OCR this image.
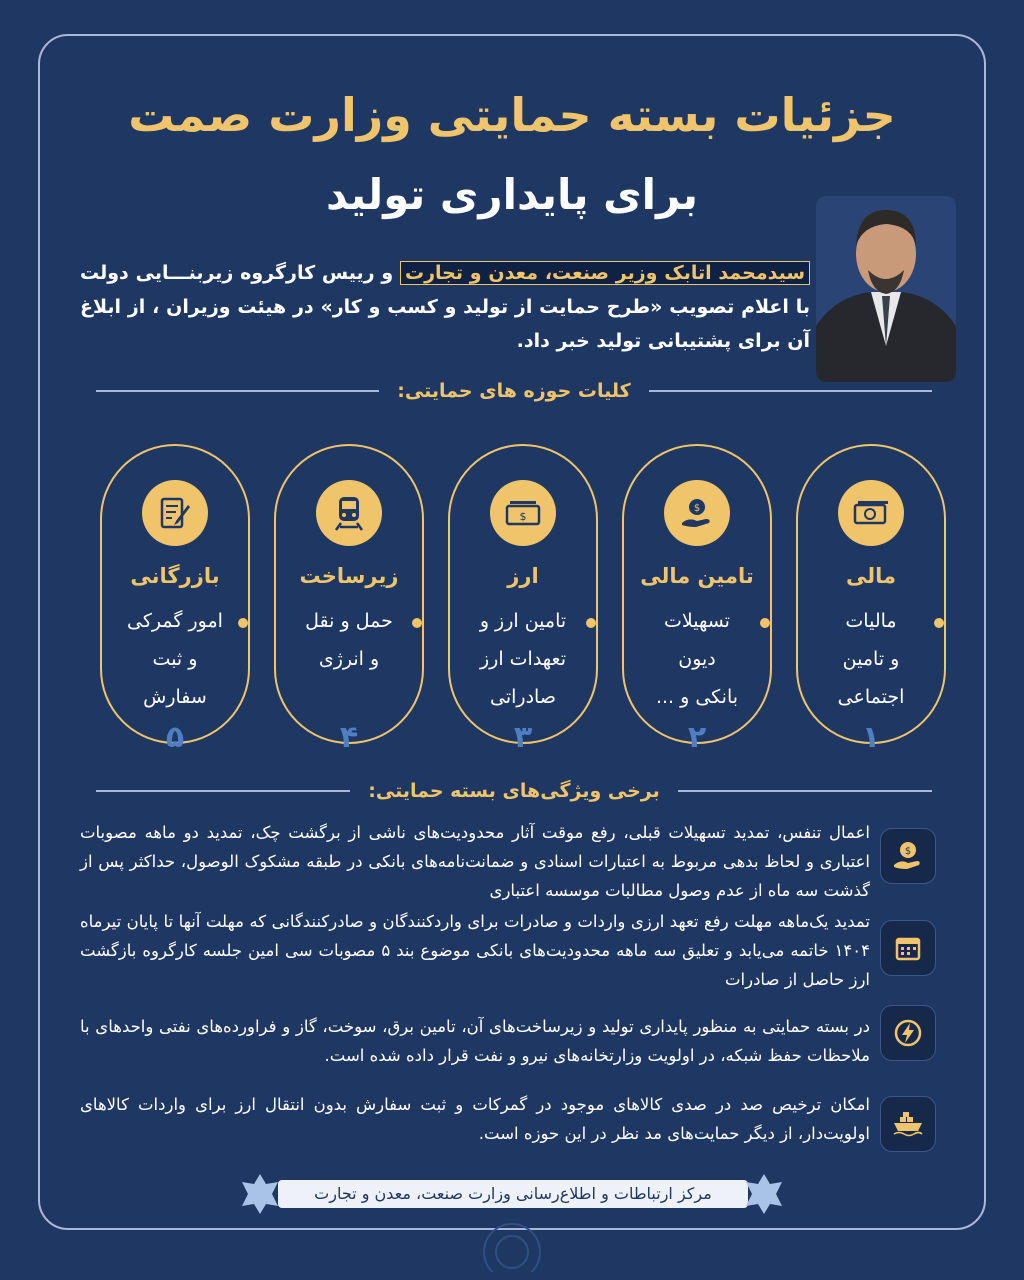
جزئیات بسته حمایتی وزارت صمت
برای پایداری تولید
سیدمحمد اتابک وزیر صنعت، معدن و تجارت و رییس کارگروه زیربنـــایی دولت با اعلام تصویب «طرح حمایت از تولید و کسب و کار» در هیئت وزیران ، از ابلاغ آن برای پشتیبانی تولید خبر داد.
کلیات حوزه های حمایتی:
مالی
مالیات
و تامین
اجتماعی
۱
$
تامین مالی
تسهیلات
دیون
بانکی و ...
۲
$
ارز
تامین ارز و
تعهدات ارز
صادراتی
۳
زیرساخت
حمل و نقل
و انرژی
۴
بازرگانی
امور گمرکی
و ثبت
سفارش
۵
برخی ویژگی‌های بسته حمایتی:
اعمال تنفس، تمدید تسهیلات قبلی، رفع موقت آثار محدودیت‌های ناشی از برگشت چک، تمدید دو ماهه مصوبات اعتباری و لحاظ بدهی مربوط به اعتبارات اسنادی و ضمانت‌نامه‌های بانکی در طبقه مشکوک الوصول، حداکثر پس از گذشت سه ماه از عدم وصول مطالبات موسسه اعتباری
$
تمدید یک‌ماهه مهلت رفع تعهد ارزی واردات و صادرات برای واردکنندگان و صادرکنندگانی که مهلت آنها تا پایان تیرماه ۱۴۰۴ خاتمه می‌یابد و تعلیق سه ماهه محدودیت‌های بانکی موضوع بند ۵ مصوبات سی امین جلسه کارگروه بازگشت ارز حاصل از صادرات
در بسته حمایتی به منظور پایداری تولید و زیرساخت‌های آن، تامین برق، سوخت، گاز و فراورده‌های نفتی واحدهای با ملاحظات حفظ شبکه، در اولویت وزارتخانه‌های نیرو و نفت قرار داده شده است.
امکان ترخیص صد در صدی کالاهای موجود در گمرکات و ثبت سفارش بدون انتقال ارز برای واردات کالاهای اولویت‌دار، از دیگر حمایت‌های مد نظر در این حوزه است.
مرکز ارتباطات و اطلاع‌رسانی وزارت صنعت، معدن و تجارت
